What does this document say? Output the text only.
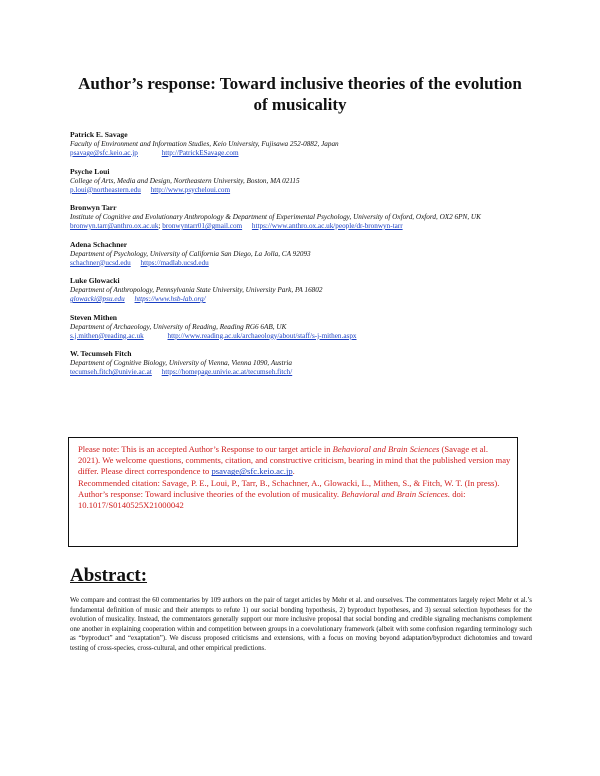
Author’s response: Toward inclusive theories of the evolution
of musicality
Patrick E. Savage
Faculty of Environment and Information Studies, Keio University, Fujisawa 252-0882, Japan
psavage@sfc.keio.ac.jp	http://PatrickESavage.com
Psyche Loui
College of Arts, Media and Design, Northeastern University, Boston, MA 02115
p.loui@northeastern.edu http://www.psycheloui.com
Bronwyn Tarr
Institute of Cognitive and Evolutionary Anthropology & Department of Experimental Psychology, University of Oxford, Oxford, OX2 6PN, UK
bronwyn.tarr@anthro.ox.ac.uk; bronwyntarr01@gmail.com https://www.anthro.ox.ac.uk/people/dr-bronwyn-tarr
Adena Schachner
Department of Psychology, University of California San Diego, La Jolla, CA 92093
schachner@ucsd.edu https://madlab.ucsd.edu
Luke Glowacki
Department of Anthropology, Pennsylvania State University, University Park, PA 16802
glowacki@psu.edu https://www.hsb-lab.org/
Steven Mithen
Department of Archaeology, University of Reading, Reading RG6 6AB, UK
s.j.mithen@reading.ac.uk	http://www.reading.ac.uk/archaeology/about/staff/s-j-mithen.aspx
W. Tecumseh Fitch
Department of Cognitive Biology, University of Vienna, Vienna 1090, Austria
tecumseh.fitch@univie.ac.at https://homepage.univie.ac.at/tecumseh.fitch/
Please note: This is an accepted Author’s Response to our target article in Behavioral and Brain Sciences (Savage et al. 2021). We welcome questions, comments, citation, and constructive criticism, bearing in mind that the published version may differ. Please direct correspondence to psavage@sfc.keio.ac.jp.
Recommended citation: Savage, P. E., Loui, P., Tarr, B., Schachner, A., Glowacki, L., Mithen, S., & Fitch, W. T. (In press). Author’s response: Toward inclusive theories of the evolution of musicality. Behavioral and Brain Sciences. doi: 10.1017/S0140525X21000042
Abstract:
We compare and contrast the 60 commentaries by 109 authors on the pair of target articles by Mehr et al. and ourselves. The commentators largely reject Mehr et al.’s fundamental definition of music and their attempts to refute 1) our social bonding hypothesis, 2) byproduct hypotheses, and 3) sexual selection hypotheses for the evolution of musicality. Instead, the commentators generally support our more inclusive proposal that social bonding and credible signaling mechanisms complement one another in explaining cooperation within and competition between groups in a coevolutionary framework (albeit with some confusion regarding terminology such as “byproduct” and “exaptation”). We discuss proposed criticisms and extensions, with a focus on moving beyond adaptation/byproduct dichotomies and toward testing of cross-species, cross-cultural, and other empirical predictions.
